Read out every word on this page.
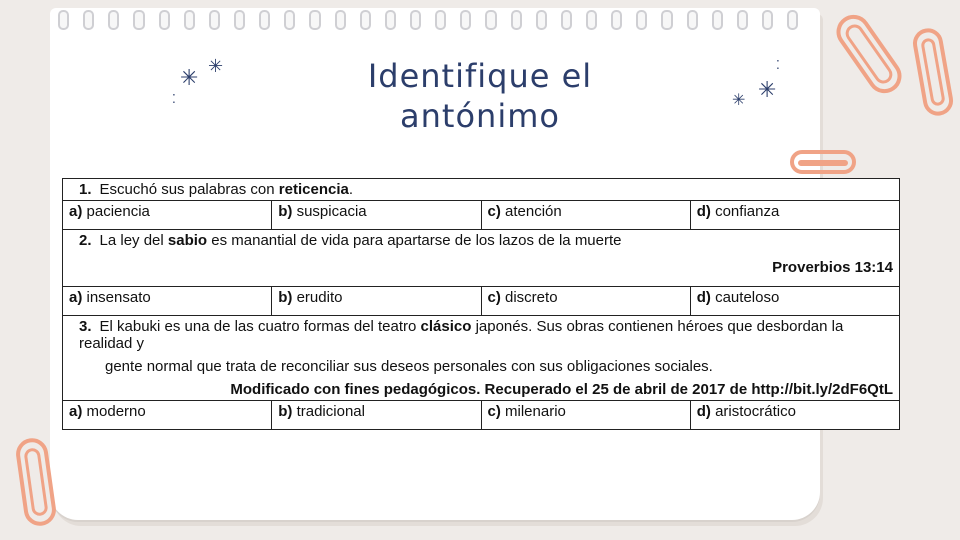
✳ ✳
⁚	✳
✳
⁚
Identifique el
antónimo
1. Escuchó sus palabras con reticencia.			
a) paciencia	b) suspicacia	c) atención	d) confianza

2. La ley del sabio es manantial de vida para apartarse de los lazos de la muerte
Proverbios 13:14			

a) insensato	b) erudito	c) discreto	d) cauteloso

3. El kabuki es una de las cuatro formas del teatro clásico japonés. Sus obras contienen héroes que desbordan la realidad y
gente normal que trata de reconciliar sus deseos personales con sus obligaciones sociales.
Modificado con fines pedagógicos. Recuperado el 25 de abril de 2017 de http://bit.ly/2dF6QtL			

a) moderno	b) tradicional	c) milenario	d) aristocrático
